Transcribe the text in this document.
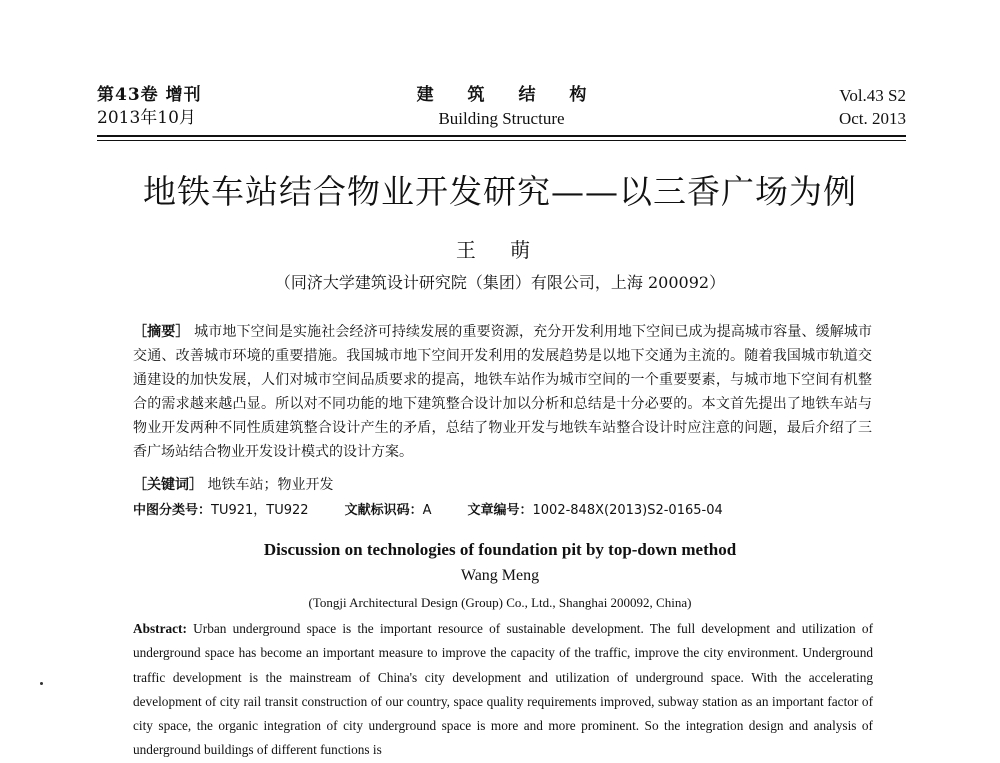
第43卷 增刊
2013年10月
建 筑 结 构
Building Structure
Vol.43 S2
Oct. 2013
地铁车站结合物业开发研究——以三香广场为例
王 萌
（同济大学建筑设计研究院（集团）有限公司，上海 200092）
［摘要］ 城市地下空间是实施社会经济可持续发展的重要资源，充分开发利用地下空间已成为提高城市容量、缓解城市交通、改善城市环境的重要措施。我国城市地下空间开发利用的发展趋势是以地下交通为主流的。随着我国城市轨道交通建设的加快发展，人们对城市空间品质要求的提高，地铁车站作为城市空间的一个重要要素，与城市地下空间有机整合的需求越来越凸显。所以对不同功能的地下建筑整合设计加以分析和总结是十分必要的。本文首先提出了地铁车站与物业开发两种不同性质建筑整合设计产生的矛盾，总结了物业开发与地铁车站整合设计时应注意的问题，最后介绍了三香广场站结合物业开发设计模式的设计方案。
［关键词］ 地铁车站；物业开发
中图分类号：TU921，TU922	文献标识码：A	文章编号：1002-848X(2013)S2-0165-04
Discussion on technologies of foundation pit by top-down method
Wang Meng
(Tongji Architectural Design (Group) Co., Ltd., Shanghai 200092, China)
Abstract: Urban underground space is the important resource of sustainable development. The full development and utilization of underground space has become an important measure to improve the capacity of the traffic, improve the city environment. Underground traffic development is the mainstream of China's city development and utilization of underground space. With the accelerating development of city rail transit construction of our country, space quality requirements improved, subway station as an important factor of city space, the organic integration of city underground space is more and more prominent. So the integration design and analysis of underground buildings of different functions is
